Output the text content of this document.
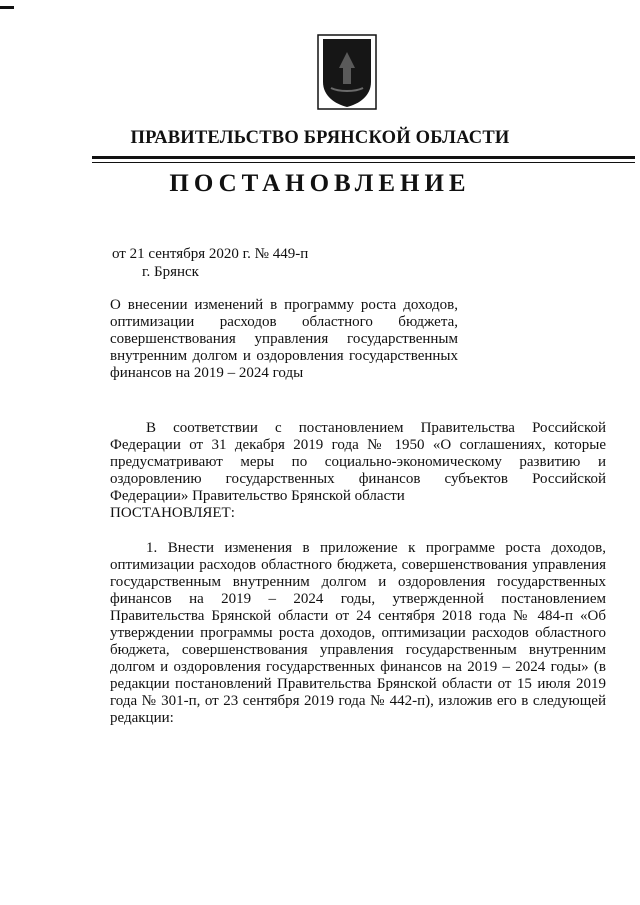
ПРАВИТЕЛЬСТВО БРЯНСКОЙ ОБЛАСТИ
ПОСТАНОВЛЕНИЕ
от 21 сентября 2020 г. № 449-п
г. Брянск
О внесении изменений в программу роста доходов, оптимизации расходов областного бюджета, совершенствования управления государственным внутренним долгом и оздоровления государственных финансов на 2019 – 2024 годы
В соответствии с постановлением Правительства Российской Федерации от 31 декабря 2019 года № 1950 «О соглашениях, которые предусматривают меры по социально-экономическому развитию и оздоровлению государственных финансов субъектов Российской Федерации» Правительство Брянской области
ПОСТАНОВЛЯЕТ:
1. Внести изменения в приложение к программе роста доходов, оптимизации расходов областного бюджета, совершенствования управления государственным внутренним долгом и оздоровления государственных финансов на 2019 – 2024 годы, утвержденной постановлением Правительства Брянской области от 24 сентября 2018 года № 484-п «Об утверждении программы роста доходов, оптимизации расходов областного бюджета, совершенствования управления государственным внутренним долгом и оздоровления государственных финансов на 2019 – 2024 годы» (в редакции постановлений Правительства Брянской области от 15 июля 2019 года № 301-п, от 23 сентября 2019 года № 442-п), изложив его в следующей редакции:
